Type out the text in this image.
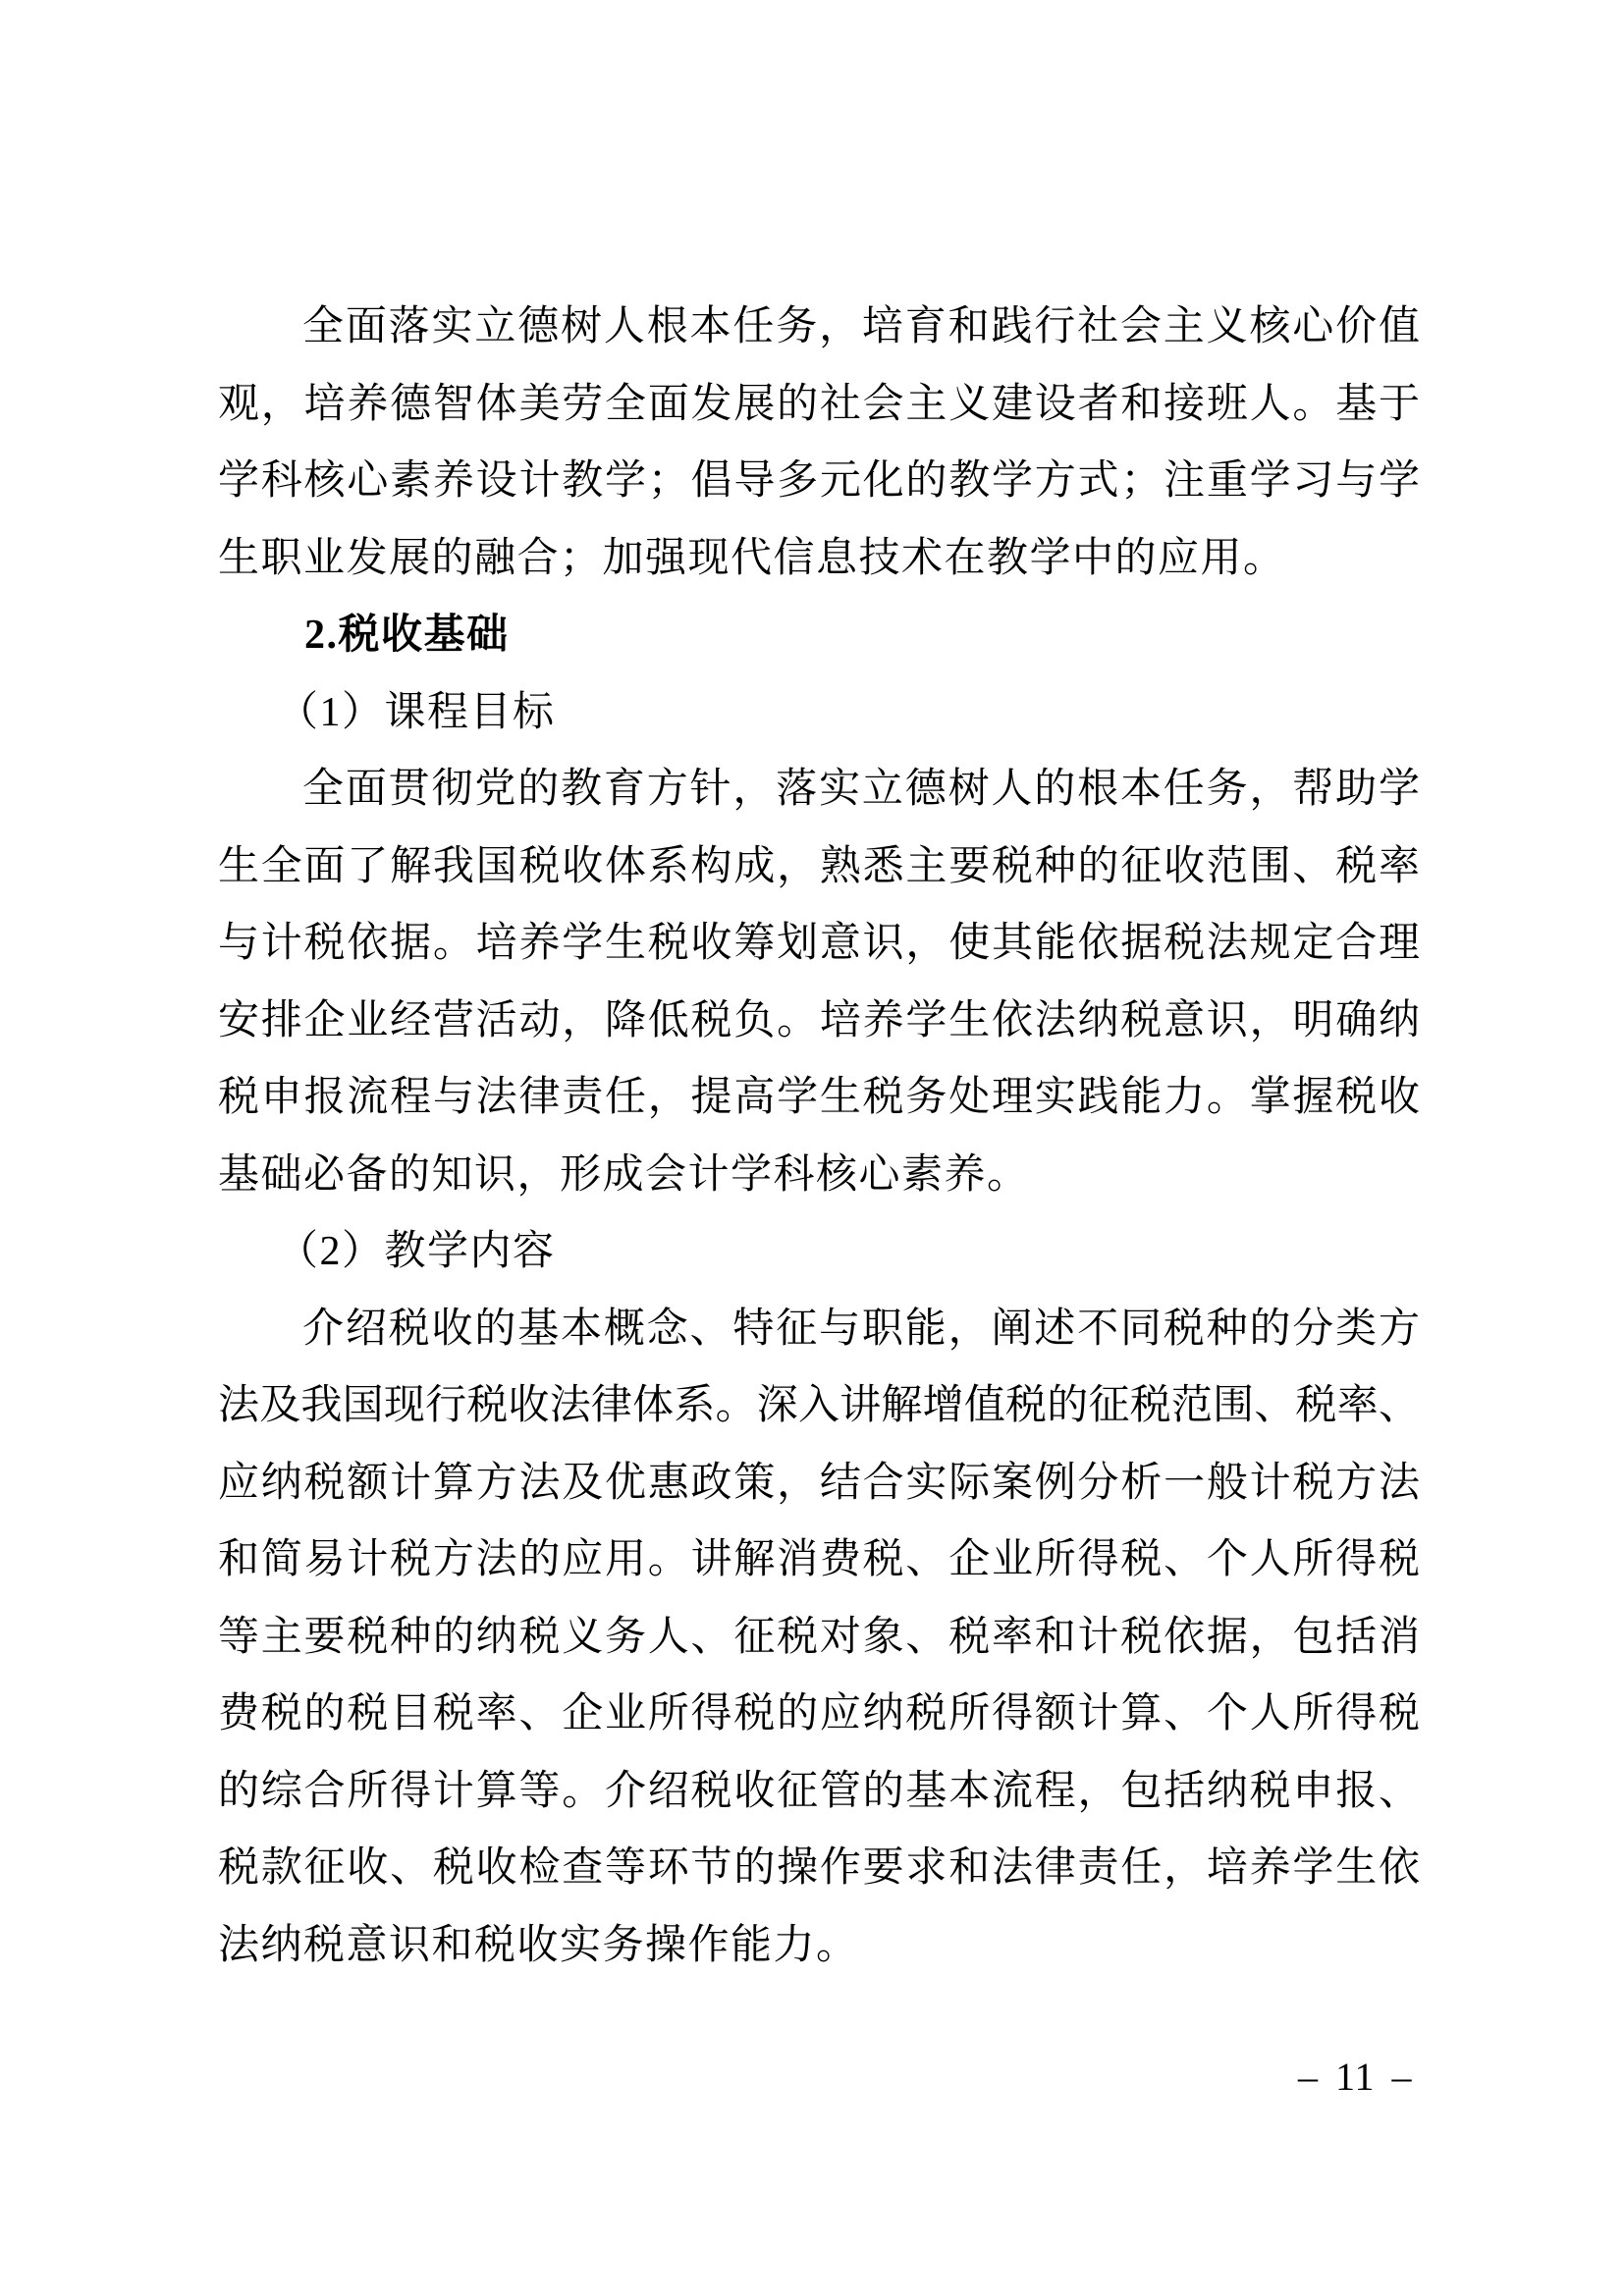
全面落实立德树人根本任务，培育和践行社会主义核心价值

观，培养德智体美劳全面发展的社会主义建设者和接班人。基于

学科核心素养设计教学；倡导多元化的教学方式；注重学习与学

生职业发展的融合；加强现代信息技术在教学中的应用。

2.税收基础

（1）课程目标

全面贯彻党的教育方针，落实立德树人的根本任务，帮助学

生全面了解我国税收体系构成，熟悉主要税种的征收范围、税率

与计税依据。培养学生税收筹划意识，使其能依据税法规定合理

安排企业经营活动，降低税负。培养学生依法纳税意识，明确纳

税申报流程与法律责任，提高学生税务处理实践能力。掌握税收

基础必备的知识，形成会计学科核心素养。

（2）教学内容

介绍税收的基本概念、特征与职能，阐述不同税种的分类方

法及我国现行税收法律体系。深入讲解增值税的征税范围、税率、

应纳税额计算方法及优惠政策，结合实际案例分析一般计税方法

和简易计税方法的应用。讲解消费税、企业所得税、个人所得税

等主要税种的纳税义务人、征税对象、税率和计税依据，包括消

费税的税目税率、企业所得税的应纳税所得额计算、个人所得税

的综合所得计算等。介绍税收征管的基本流程，包括纳税申报、

税款征收、税收检查等环节的操作要求和法律责任，培养学生依

法纳税意识和税收实务操作能力。

– 11 –
